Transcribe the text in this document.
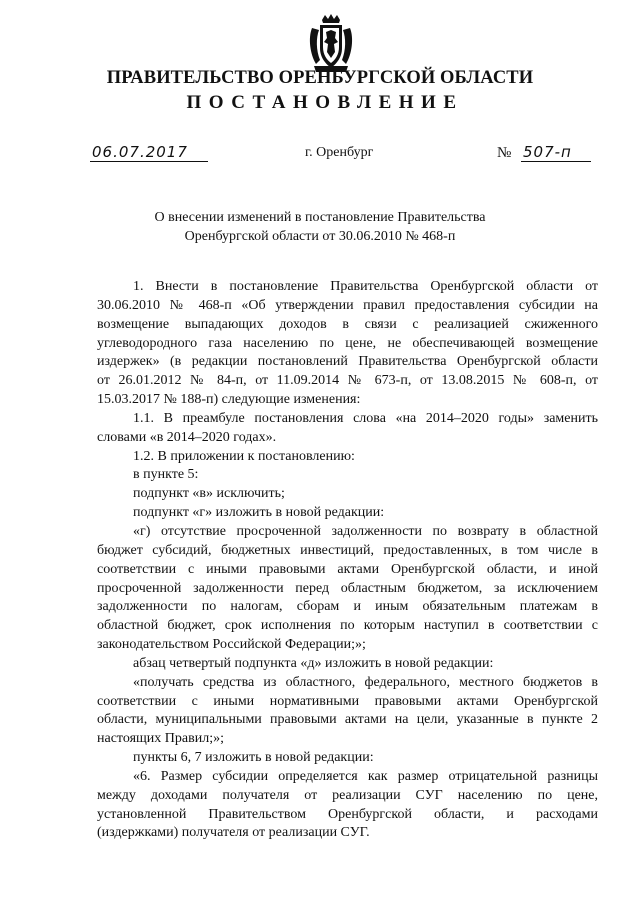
ПРАВИТЕЛЬСТВО ОРЕНБУРГСКОЙ ОБЛАСТИ
ПОСТАНОВЛЕНИЕ
06.07.2017	г. Оренбург	№ 507-п
О внесении изменений в постановление Правительства
Оренбургской области от 30.06.2010 № 468-п
1. Внести в постановление Правительства Оренбургской области от
30.06.2010 № 468-п «Об утверждении правил предоставления субсидии на
возмещение выпадающих доходов в связи с реализацией сжиженного
углеводородного газа населению по цене, не обеспечивающей возмещение
издержек» (в редакции постановлений Правительства Оренбургской области
от 26.01.2012 № 84-п, от 11.09.2014 № 673-п, от 13.08.2015 № 608-п, от
15.03.2017 № 188-п) следующие изменения:
1.1. В преамбуле постановления слова «на 2014–2020 годы» заменить
словами «в 2014–2020 годах».
1.2. В приложении к постановлению:
в пункте 5:
подпункт «в» исключить;
подпункт «г» изложить в новой редакции:
«г) отсутствие просроченной задолженности по возврату в областной
бюджет субсидий, бюджетных инвестиций, предоставленных, в том числе в
соответствии с иными правовыми актами Оренбургской области, и иной
просроченной задолженности перед областным бюджетом, за исключением
задолженности по налогам, сборам и иным обязательным платежам в
областной бюджет, срок исполнения по которым наступил в соответствии с
законодательством Российской Федерации;»;
абзац четвертый подпункта «д» изложить в новой редакции:
«получать средства из областного, федерального, местного бюджетов в
соответствии с иными нормативными правовыми актами Оренбургской
области, муниципальными правовыми актами на цели, указанные в пункте 2
настоящих Правил;»;
пункты 6, 7 изложить в новой редакции:
«6. Размер субсидии определяется как размер отрицательной разницы
между доходами получателя от реализации СУГ населению по цене,
установленной Правительством Оренбургской области, и расходами
(издержками) получателя от реализации СУГ.
